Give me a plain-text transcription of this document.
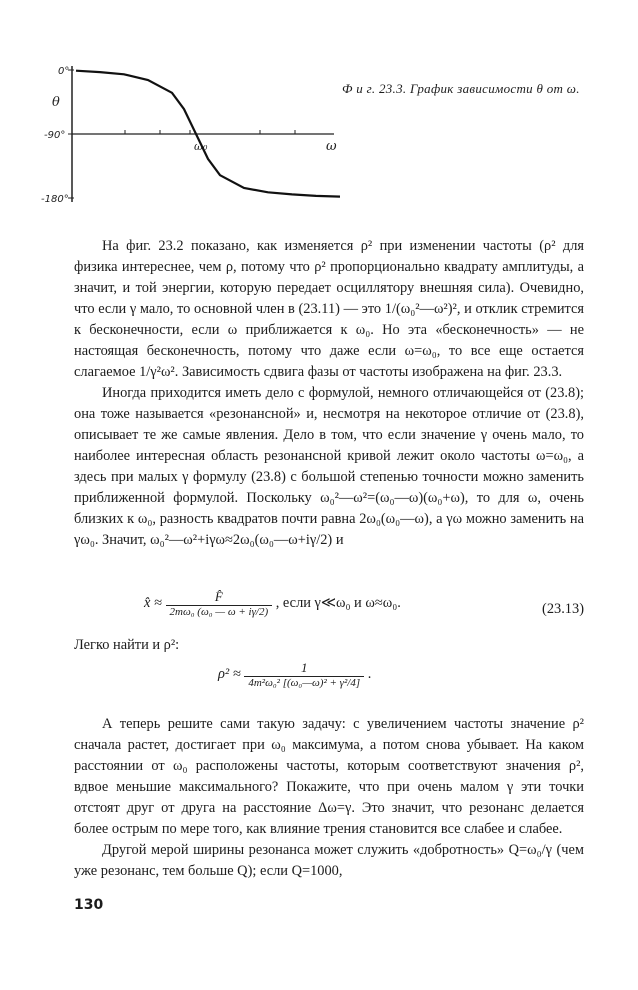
0°
-90°
-180°
θ
ω
ω₀
Ф и г. 23.3. График зависимости θ от ω.

На фиг. 23.2 показано, как изменяется ρ² при изменении частоты (ρ² для физика интереснее, чем ρ, потому что ρ² пропорционально квадрату амплитуды, а значит, и той энергии, которую передает осциллятору внешняя сила). Очевидно, что если γ мало, то основной член в (23.11) — это 1/(ω₀²—ω²)², и отклик стремится к бесконечности, если ω приближается к ω₀. Но эта «бесконечность» — не настоящая бесконечность, потому что даже если ω=ω₀, то все еще остается слагаемое 1/γ²ω². Зависимость сдвига фазы от частоты изображена на фиг. 23.3.

Иногда приходится иметь дело с формулой, немного отличающейся от (23.8); она тоже называется «резонансной» и, несмотря на некоторое отличие от (23.8), описывает те же самые явления. Дело в том, что если значение γ очень мало, то наиболее интересная область резонансной кривой лежит около частоты ω=ω₀, а здесь при малых γ формулу (23.8) с большой степенью точности можно заменить приближенной формулой. Поскольку ω₀²—ω²=(ω₀—ω)(ω₀+ω), то для ω, очень близких к ω₀, разность квадратов почти равна 2ω₀(ω₀—ω), а γω можно заменить на γω₀. Значит, ω₀²—ω²+iγω≈2ω₀(ω₀—ω+iγ/2) и

x̂ ≈ $\frac{F̂}{\text{2mω₀ (ω₀ — ω + iγ/2)}}$ , если γ≪ω₀ и ω≈ω₀.	(23.13)
Легко найти и ρ²:
$\rho^2 \approx \frac{1}{\text{4m²ω₀² [(ω₀—ω)² + γ²/4]}}$ .

А теперь решите сами такую задачу: с увеличением частоты значение ρ² сначала растет, достигает при ω₀ максимума, а потом снова убывает. На каком расстоянии от ω₀ расположены частоты, которым соответствуют значения ρ², вдвое меньшие максимального? Покажите, что при очень малом γ эти точки отстоят друг от друга на расстояние Δω=γ. Это значит, что резонанс делается более острым по мере того, как влияние трения становится все слабее и слабее.

Другой мерой ширины резонанса может служить «добротность» Q=ω₀/γ (чем уже резонанс, тем больше Q); если Q=1000,

130
